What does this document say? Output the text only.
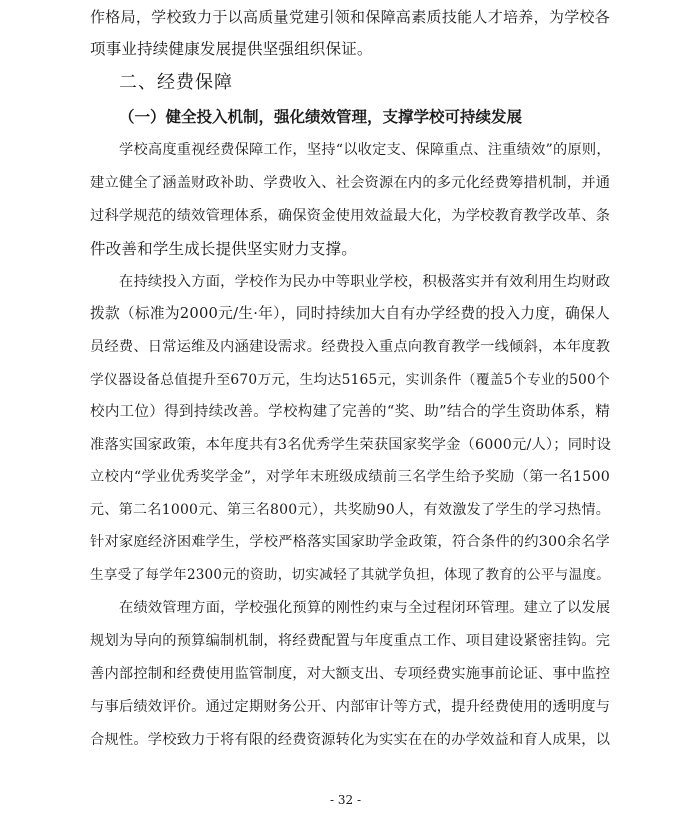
作格局，学校致力于以高质量党建引领和保障高素质技能人才培养，为学校各
项事业持续健康发展提供坚强组织保证。
二、经费保障
（一）健全投入机制，强化绩效管理，支撑学校可持续发展
学校高度重视经费保障工作，坚持“以收定支、保障重点、注重绩效”的原则，
建立健全了涵盖财政补助、学费收入、社会资源在内的多元化经费筹措机制，并通
过科学规范的绩效管理体系，确保资金使用效益最大化，为学校教育教学改革、条
件改善和学生成长提供坚实财力支撑。
在持续投入方面，学校作为民办中等职业学校，积极落实并有效利用生均财政
拨款（标准为2000元/生·年），同时持续加大自有办学经费的投入力度，确保人
员经费、日常运维及内涵建设需求。经费投入重点向教育教学一线倾斜，本年度教
学仪器设备总值提升至670万元，生均达5165元，实训条件（覆盖5个专业的500个
校内工位）得到持续改善。学校构建了完善的“奖、助”结合的学生资助体系，精
准落实国家政策，本年度共有3名优秀学生荣获国家奖学金（6000元/人）；同时设
立校内“学业优秀奖学金”，对学年末班级成绩前三名学生给予奖励（第一名1500
元、第二名1000元、第三名800元），共奖励90人，有效激发了学生的学习热情。
针对家庭经济困难学生，学校严格落实国家助学金政策，符合条件的约300余名学
生享受了每学年2300元的资助，切实减轻了其就学负担，体现了教育的公平与温度。
在绩效管理方面，学校强化预算的刚性约束与全过程闭环管理。建立了以发展
规划为导向的预算编制机制，将经费配置与年度重点工作、项目建设紧密挂钩。完
善内部控制和经费使用监管制度，对大额支出、专项经费实施事前论证、事中监控
与事后绩效评价。通过定期财务公开、内部审计等方式，提升经费使用的透明度与
合规性。学校致力于将有限的经费资源转化为实实在在的办学效益和育人成果，以
- 32 -
